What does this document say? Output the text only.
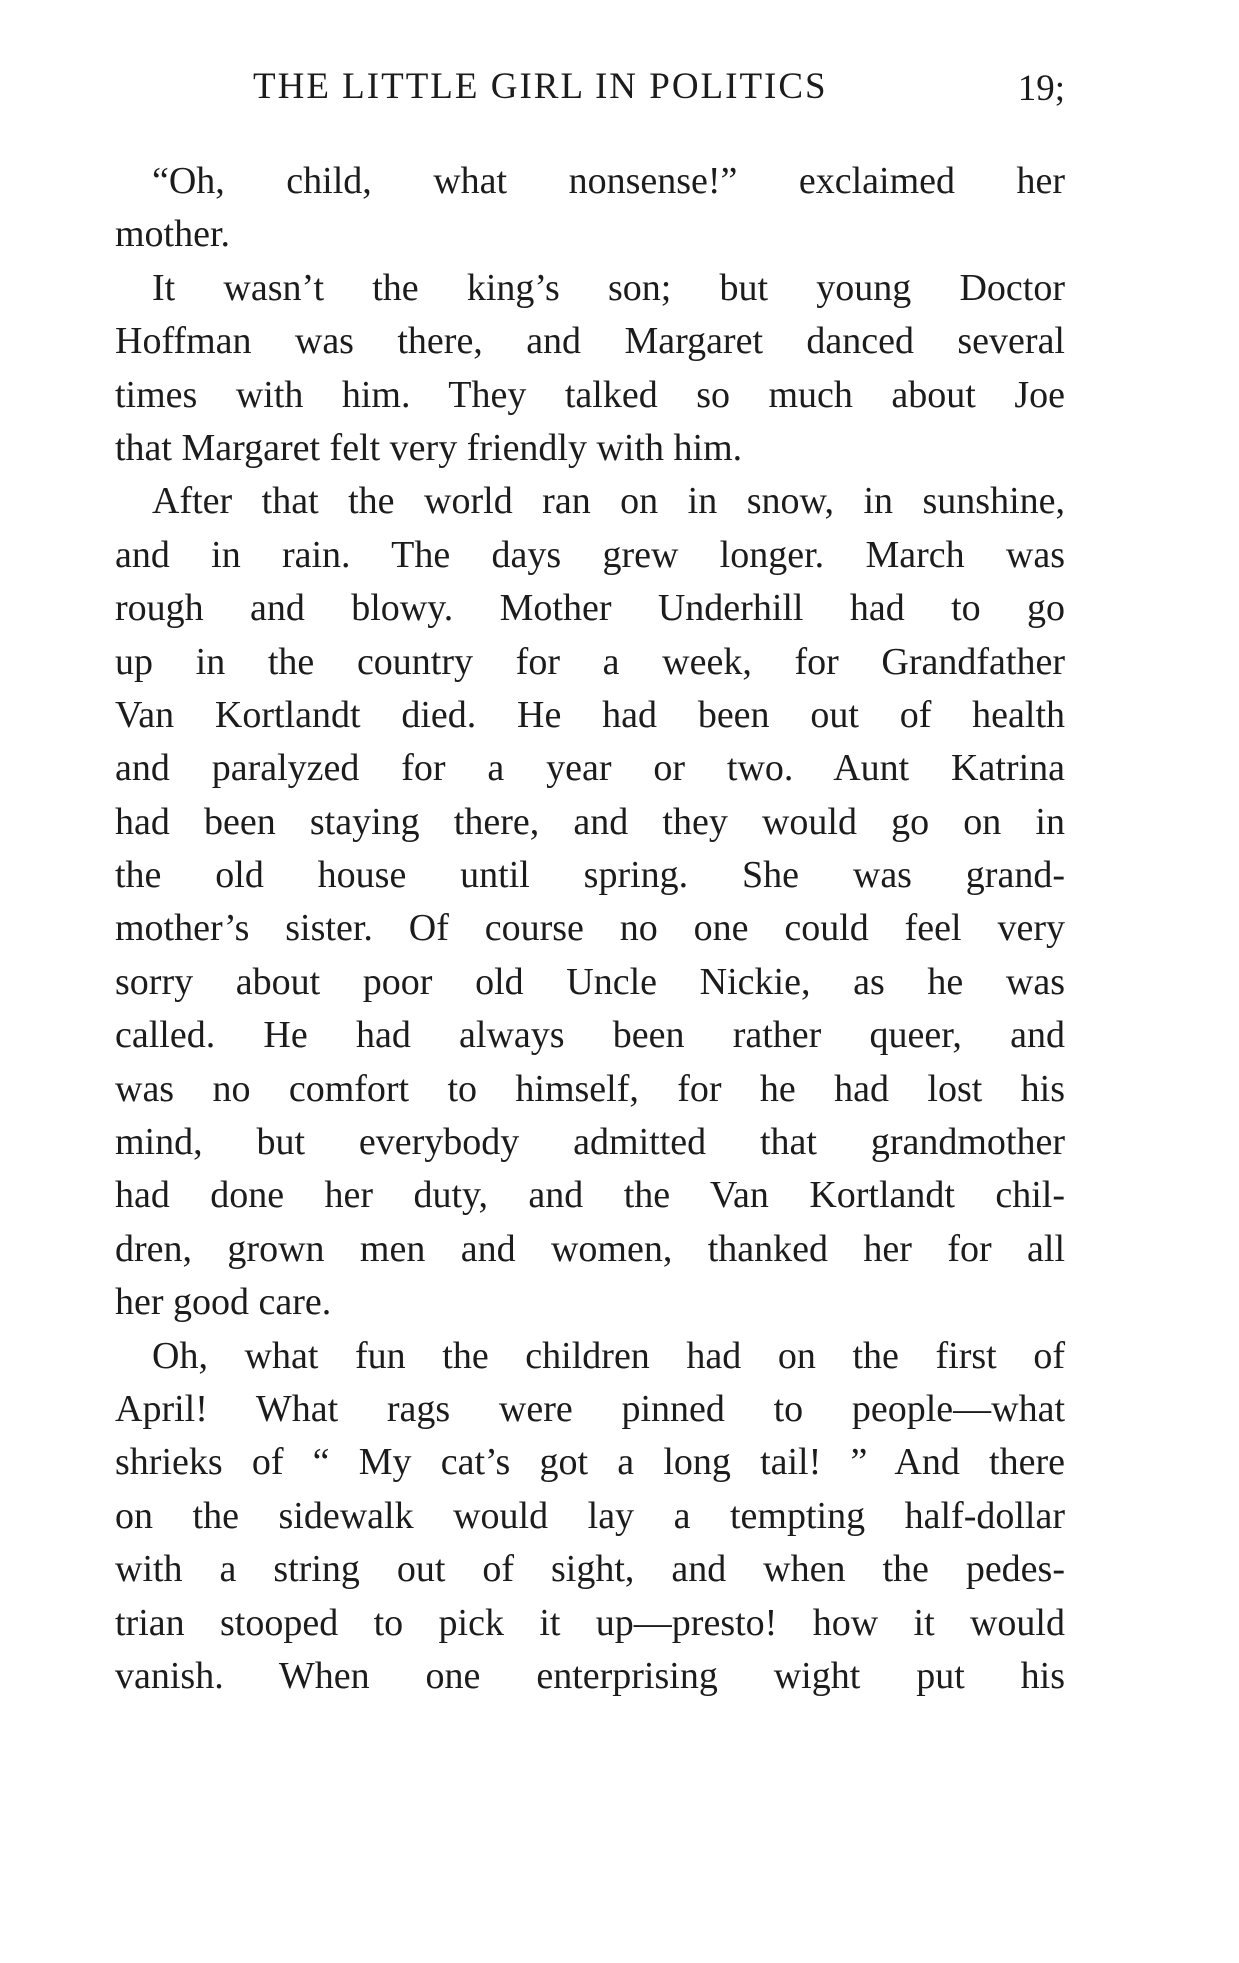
THE LITTLE GIRL IN POLITICS	19;
“Oh, child, what nonsense!” exclaimed her
mother.
It wasn’t the king’s son; but young Doctor
Hoffman was there, and Margaret danced several
times with him. They talked so much about Joe
that Margaret felt very friendly with him.
After that the world ran on in snow, in sunshine,
and in rain. The days grew longer. March was
rough and blowy. Mother Underhill had to go
up in the country for a week, for Grandfather
Van Kortlandt died. He had been out of health
and paralyzed for a year or two. Aunt Katrina
had been staying there, and they would go on in
the old house until spring. She was grand-
mother’s sister. Of course no one could feel very
sorry about poor old Uncle Nickie, as he was
called. He had always been rather queer, and
was no comfort to himself, for he had lost his
mind, but everybody admitted that grandmother
had done her duty, and the Van Kortlandt chil-
dren, grown men and women, thanked her for all
her good care.
Oh, what fun the children had on the first of
April! What rags were pinned to people—what
shrieks of “ My cat’s got a long tail! ” And there
on the sidewalk would lay a tempting half-dollar
with a string out of sight, and when the pedes-
trian stooped to pick it up—presto! how it would
vanish. When one enterprising wight put his
